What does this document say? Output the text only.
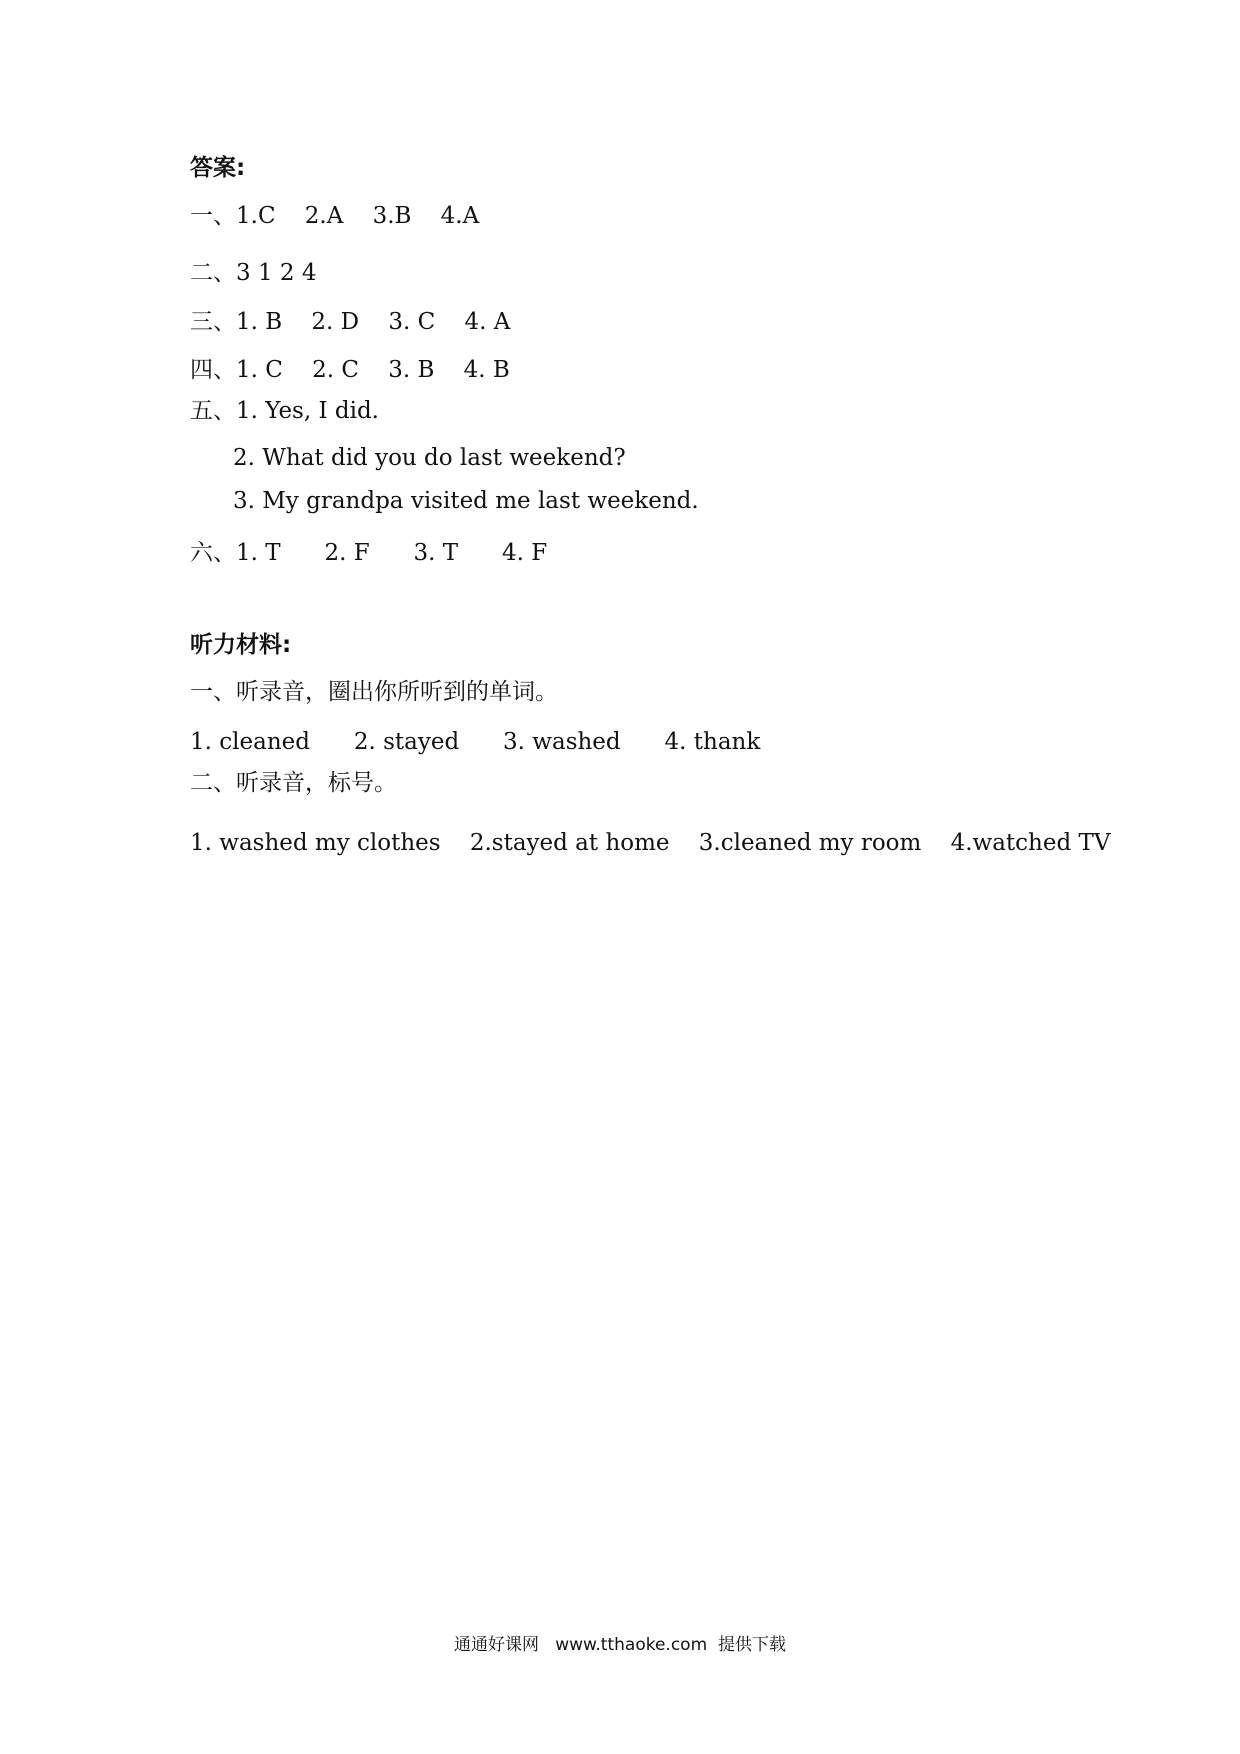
答案:
一、1.C    2.A    3.B    4.A
二、3 1 2 4
三、1. B    2. D    3. C    4. A
四、1. C    2. C    3. B    4. B
五、1. Yes, I did.
2. What did you do last weekend?
3. My grandpa visited me last weekend.
六、1. T      2. F      3. T      4. F
听力材料:
一、听录音，圈出你所听到的单词。
1. cleaned      2. stayed      3. washed      4. thank
二、听录音，标号。
1. washed my clothes    2.stayed at home    3.cleaned my room    4.watched TV
通通好课网   www.tthaoke.com  提供下载
